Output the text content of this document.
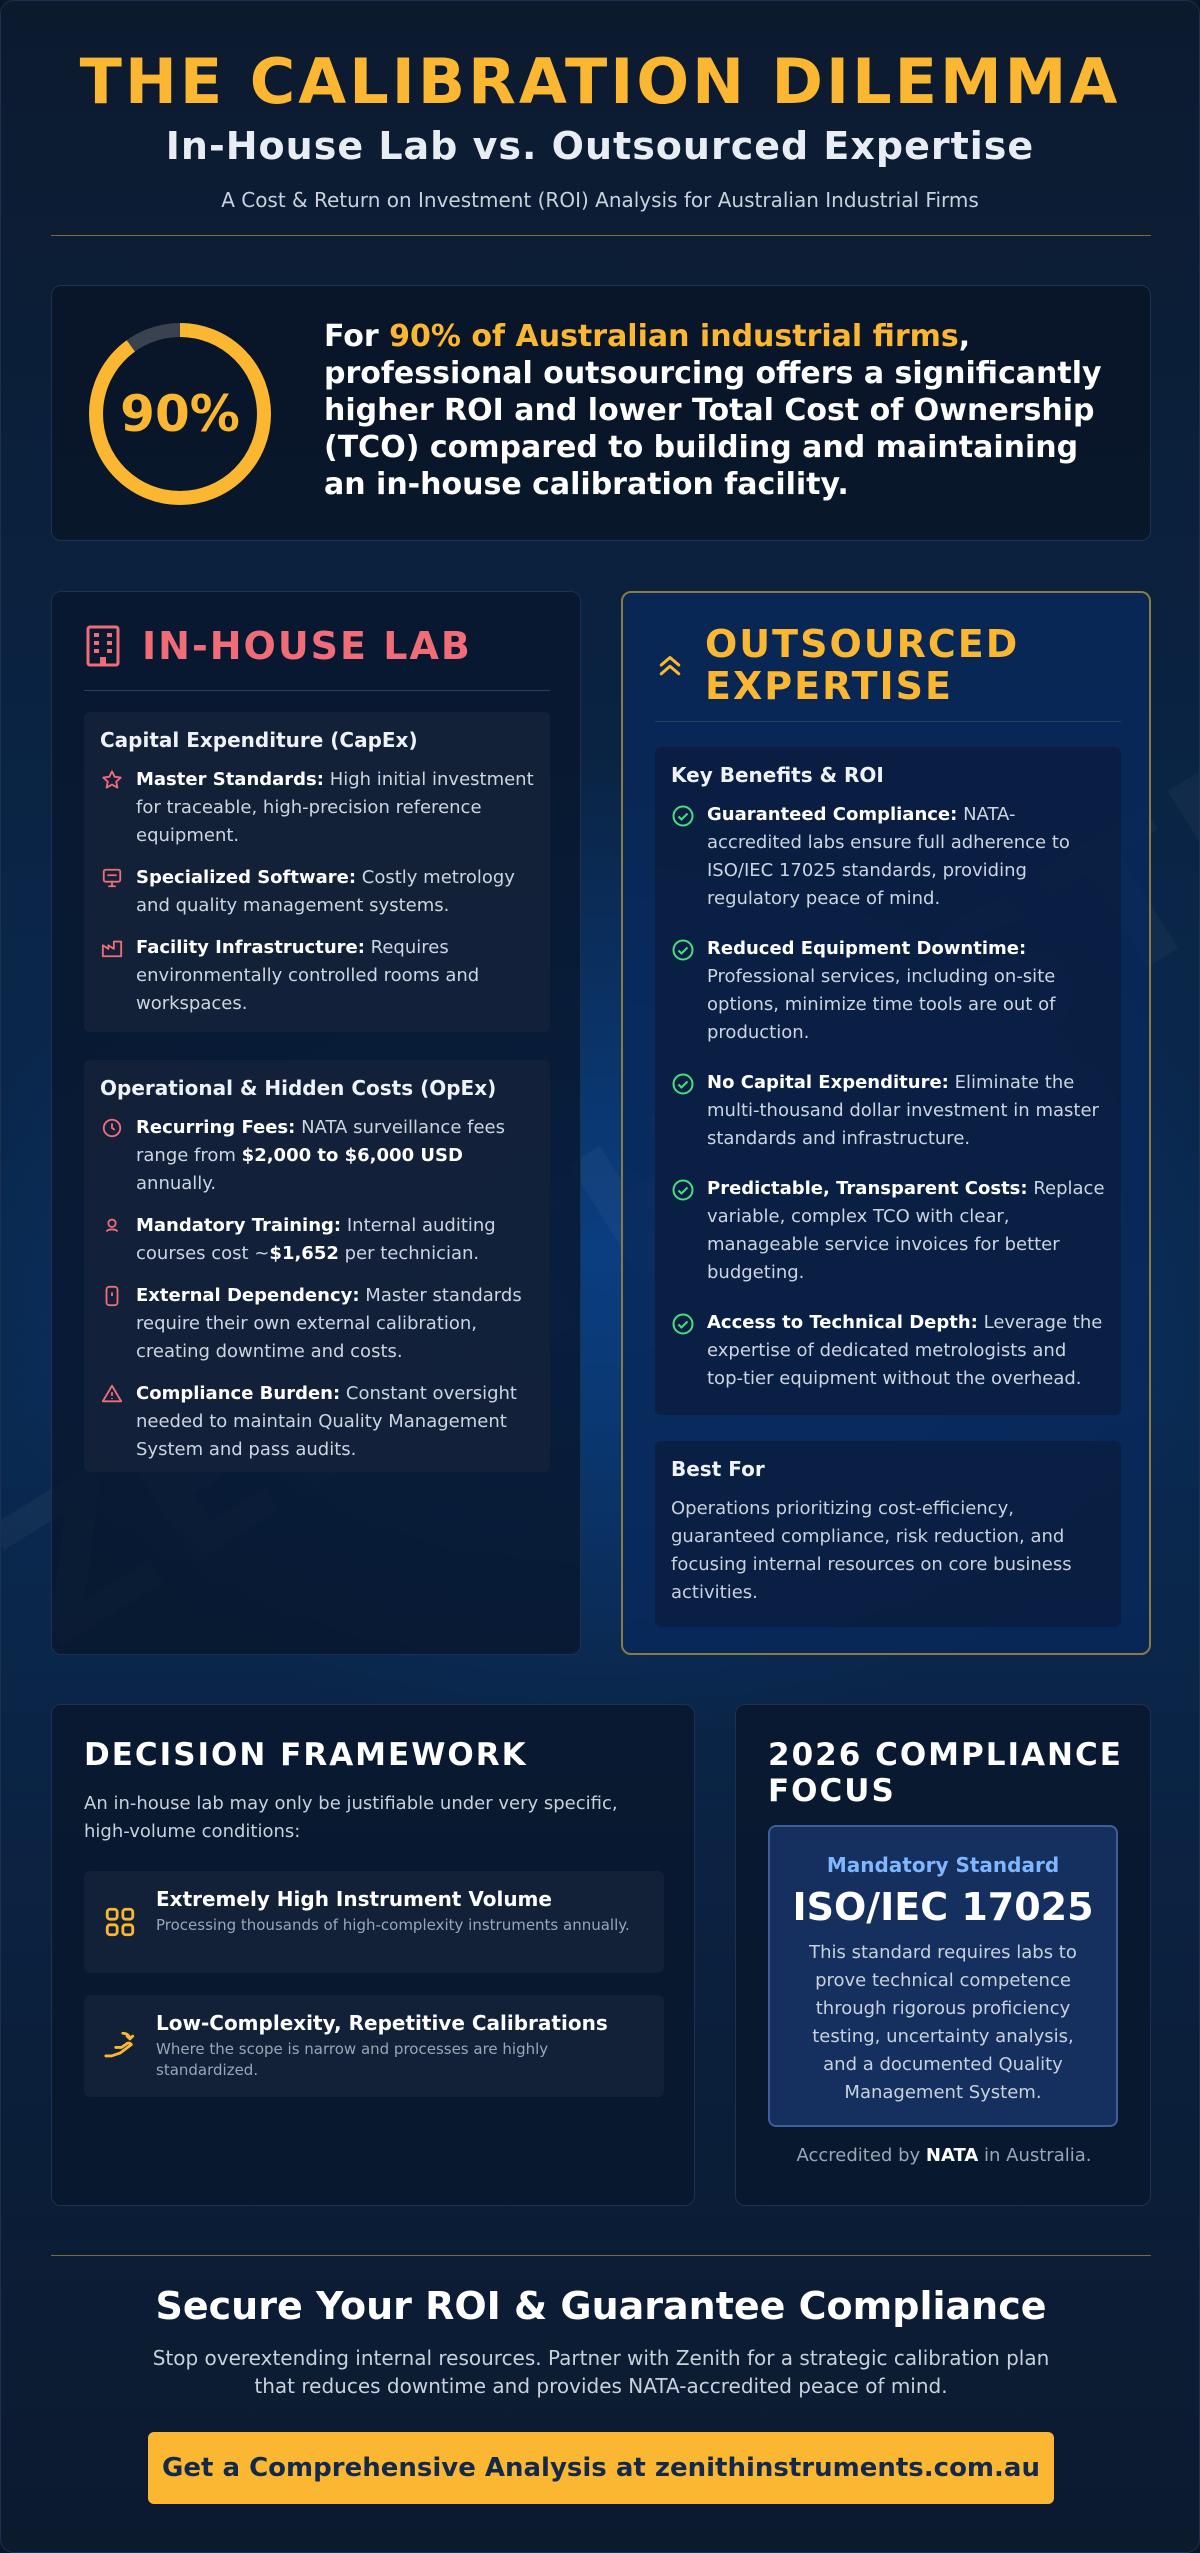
THE CALIBRATION DILEMMA
In-House Lab vs. Outsourced Expertise
A Cost & Return on Investment (ROI) Analysis for Australian Industrial Firms
90%
For 90% of Australian industrial firms, professional outsourcing offers a significantly higher ROI and lower Total Cost of Ownership (TCO) compared to building and maintaining an in-house calibration facility.
IN-HOUSE LAB
Capital Expenditure (CapEx)
Master Standards: High initial investment for traceable, high-precision reference equipment.
Specialized Software: Costly metrology and quality management systems.
Facility Infrastructure: Requires environmentally controlled rooms and workspaces.
Operational & Hidden Costs (OpEx)
Recurring Fees: NATA surveillance fees range from $2,000 to $6,000 USD annually.
Mandatory Training: Internal auditing courses cost ~$1,652 per technician.
External Dependency: Master standards require their own external calibration, creating downtime and costs.
Compliance Burden: Constant oversight needed to maintain Quality Management System and pass audits.
OUTSOURCED
EXPERTISE
Key Benefits & ROI
Guaranteed Compliance: NATA-accredited labs ensure full adherence to ISO/IEC 17025 standards, providing regulatory peace of mind.
Reduced Equipment Downtime: Professional services, including on-site options, minimize time tools are out of production.
No Capital Expenditure: Eliminate the multi-thousand dollar investment in master standards and infrastructure.
Predictable, Transparent Costs: Replace variable, complex TCO with clear, manageable service invoices for better budgeting.
Access to Technical Depth: Leverage the expertise of dedicated metrologists and top-tier equipment without the overhead.
Best For
Operations prioritizing cost-efficiency, guaranteed compliance, risk reduction, and focusing internal resources on core business activities.
DECISION FRAMEWORK
An in-house lab may only be justifiable under very specific, high-volume conditions:
Extremely High Instrument Volume
Processing thousands of high-complexity instruments annually.
Low-Complexity, Repetitive Calibrations
Where the scope is narrow and processes are highly standardized.
2026 COMPLIANCE
FOCUS
Mandatory Standard
ISO/IEC 17025
This standard requires labs to prove technical competence through rigorous proficiency testing, uncertainty analysis, and a documented Quality Management System.
Accredited by NATA in Australia.
Secure Your ROI & Guarantee Compliance
Stop overextending internal resources. Partner with Zenith for a strategic calibration plan that reduces downtime and provides NATA-accredited peace of mind.
Get a Comprehensive Analysis at zenithinstruments.com.au
